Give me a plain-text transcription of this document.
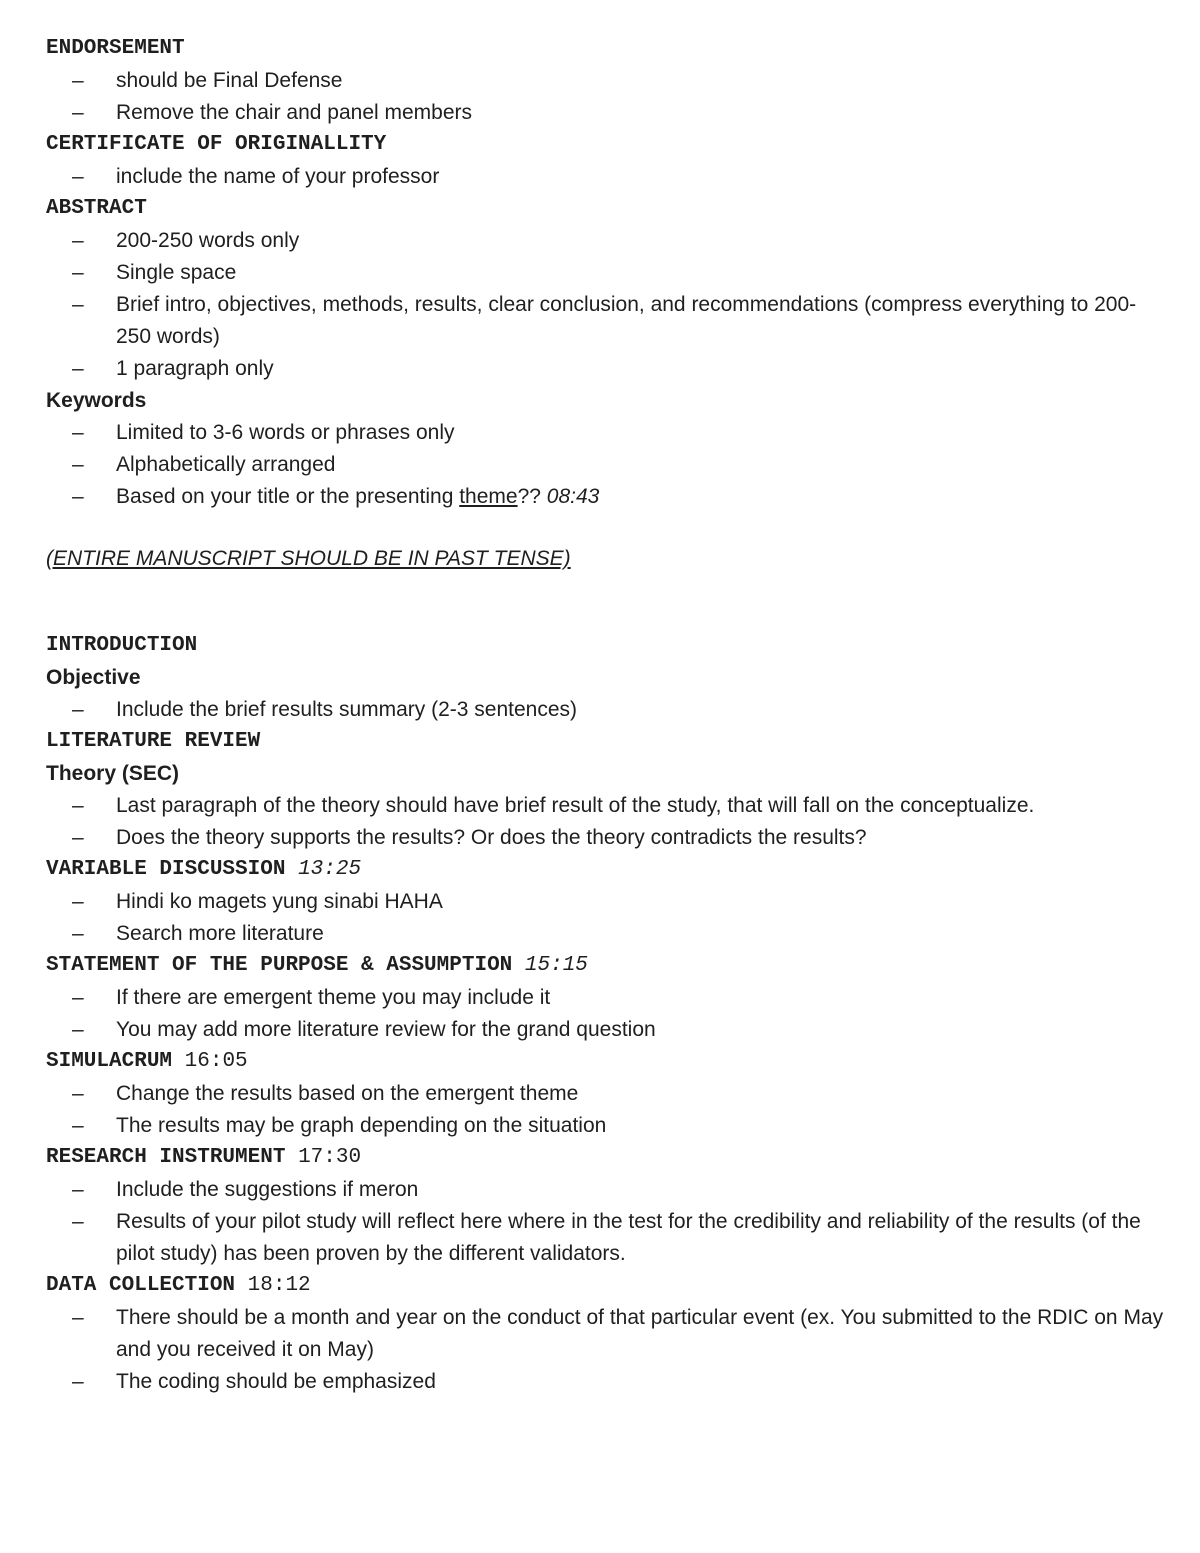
ENDORSEMENT
–	should be Final Defense
–	Remove the chair and panel members
CERTIFICATE OF ORIGINALLITY
–	include the name of your professor
ABSTRACT
–	200-250 words only
–	Single space
–	Brief intro, objectives, methods, results, clear conclusion, and recommendations (compress everything to 200-250 words)
–	1 paragraph only
Keywords
–	Limited to 3-6 words or phrases only
–	Alphabetically arranged
–	Based on your title or the presenting theme?? 08:43
(ENTIRE MANUSCRIPT SHOULD BE IN PAST TENSE)
INTRODUCTION
Objective
–	Include the brief results summary (2-3 sentences)
LITERATURE REVIEW
Theory (SEC)
–	Last paragraph of the theory should have brief result of the study, that will fall on the conceptualize.
–	Does the theory supports the results? Or does the theory contradicts the results?
VARIABLE DISCUSSION 13:25
–	Hindi ko magets yung sinabi HAHA
–	Search more literature
STATEMENT OF THE PURPOSE & ASSUMPTION 15:15
–	If there are emergent theme you may include it
–	You may add more literature review for the grand question
SIMULACRUM 16:05
–	Change the results based on the emergent theme
–	The results may be graph depending on the situation
RESEARCH INSTRUMENT 17:30
–	Include the suggestions if meron
–	Results of your pilot study will reflect here where in the test for the credibility and reliability of the results (of the pilot study) has been proven by the different validators.
DATA COLLECTION 18:12
–	There should be a month and year on the conduct of that particular event (ex. You submitted to the RDIC on May and you received it on May)
–	The coding should be emphasized
